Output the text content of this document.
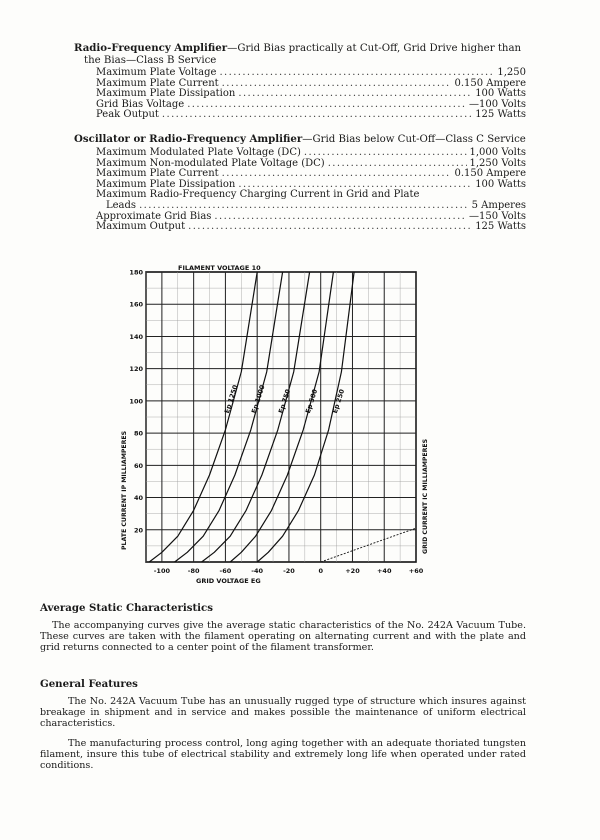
Radio-Frequency Amplifier—Grid Bias practically at Cut-Off, Grid Drive higher than
the Bias—Class B Service
Maximum Plate Voltage .....	1,250
Maximum Plate Current .....	0.150 Ampere
Maximum Plate Dissipation .....	100 Watts
Grid Bias Voltage .....	—100 Volts
Peak Output .....	125 Watts
Oscillator or Radio-Frequency Amplifier—Grid Bias below Cut-Off—Class C Service
Maximum Modulated Plate Voltage (DC) .....	1,000 Volts
Maximum Non-modulated Plate Voltage (DC) .....	1,250 Volts
Maximum Plate Current .....	0.150 Ampere
Maximum Plate Dissipation .....	100 Watts
Maximum Radio-Frequency Charging Current in Grid and Plate
Leads .....	5 Amperes
Approximate Grid Bias .....	—150 Volts
Maximum Output .....	125 Watts
-100	-80	-60	-40	-20	0	+20	+40	+60
20
40
60
80
100
120
140
160
180
FILAMENT VOLTAGE 10
GRID VOLTAGE EG
PLATE CURRENT IP MILLIAMPERES	GRID CURRENT IC MILLIAMPERES
Ep 1250 Ep 1000 Ep 750 Ep 500 Ep 250
Average Static Characteristics

The accompanying curves give the average static characteristics of the No. 242A Vacuum Tube. These curves are taken with the filament operating on alternating current and with the plate and grid returns connected to a center point of the filament transformer.

General Features

The No. 242A Vacuum Tube has an unusually rugged type of structure which insures against breakage in shipment and in service and makes possible the maintenance of uniform electrical characteristics.

The manufacturing process control, long aging together with an adequate thoriated tungsten filament, insure this tube of electrical stability and extremely long life when operated under rated conditions.
